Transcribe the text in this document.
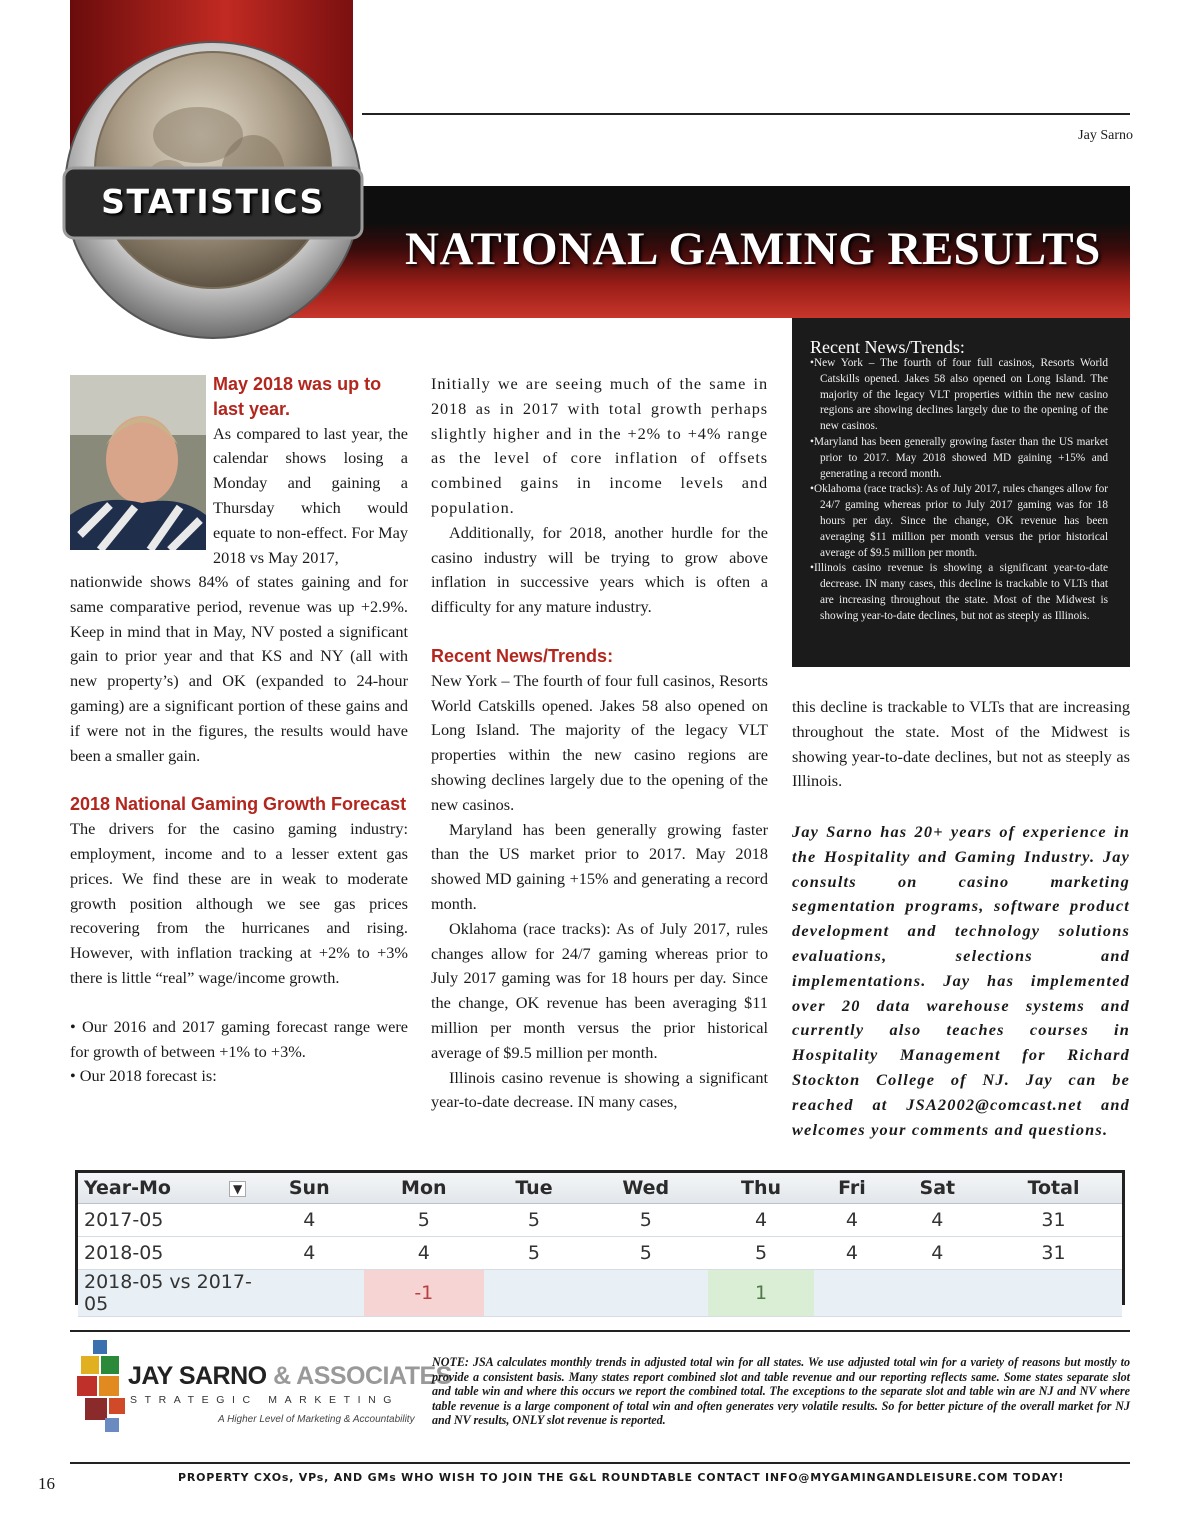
Jay Sarno
NATIONAL GAMING RESULTS
STATISTICS
May 2018 was up to last year.

As compared to last year, the calendar shows losing a Monday and gaining a Thursday which would equate to non-effect. For May 2018 vs May 2017,

nationwide shows 84% of states gaining and for same comparative period, revenue was up +2.9%. Keep in mind that in May, NV posted a significant gain to prior year and that KS and NY (all with new property’s) and OK (expanded to 24-hour gaming) are a significant portion of these gains and if were not in the figures, the results would have been a smaller gain.

2018 National Gaming Growth Forecast

The drivers for the casino gaming industry: employment, income and to a lesser extent gas prices. We find these are in weak to moderate growth position although we see gas prices recovering from the hurricanes and rising. However, with inflation tracking at +2% to +3% there is little “real” wage/income growth.

• Our 2016 and 2017 gaming forecast range were for growth of between +1% to +3%.

• Our 2018 forecast is:

Initially we are seeing much of the same in 2018 as in 2017 with total growth perhaps slightly higher and in the +2% to +4% range as the level of core inflation of offsets combined gains in income levels and population.

Additionally, for 2018, another hurdle for the casino industry will be trying to grow above inflation in successive years which is often a difficulty for any mature industry.

Recent News/Trends:

New York – The fourth of four full casinos, Resorts World Catskills opened. Jakes 58 also opened on Long Island. The majority of the legacy VLT properties within the new casino regions are showing declines largely due to the opening of the new casinos.

Maryland has been generally growing faster than the US market prior to 2017. May 2018 showed MD gaining +15% and generating a record month.

Oklahoma (race tracks): As of July 2017, rules changes allow for 24/7 gaming whereas prior to July 2017 gaming was for 18 hours per day. Since the change, OK revenue has been averaging $11 million per month versus the prior historical average of $9.5 million per month.

Illinois casino revenue is showing a significant year-to-date decrease. IN many cases,

Recent News/Trends:
• New York – The fourth of four full casinos, Resorts World Catskills opened. Jakes 58 also opened on Long Island. The majority of the legacy VLT properties within the new casino regions are showing declines largely due to the opening of the new casinos.
• Maryland has been generally growing faster than the US market prior to 2017. May 2018 showed MD gaining +15% and generating a record month.
• Oklahoma (race tracks): As of July 2017, rules changes allow for 24/7 gaming whereas prior to July 2017 gaming was for 18 hours per day. Since the change, OK revenue has been averaging $11 million per month versus the prior historical average of $9.5 million per month.
• Illinois casino revenue is showing a significant year-to-date decrease. IN many cases, this decline is trackable to VLTs that are increasing throughout the state. Most of the Midwest is showing year-to-date declines, but not as steeply as Illinois.

this decline is trackable to VLTs that are increasing throughout the state. Most of the Midwest is showing year-to-date declines, but not as steeply as Illinois.

Jay Sarno has 20+ years of experience in the Hospitality and Gaming Industry. Jay consults on casino marketing segmentation programs, software product development and technology solutions evaluations, selections and implementations. Jay has implemented over 20 data warehouse systems and currently also teaches courses in Hospitality Management for Richard Stockton College of NJ. Jay can be reached at JSA2002@comcast.net and welcomes your comments and questions.
Year-Mo ▼	Sun	Mon	Tue	Wed	Thu	Fri	Sat	Total
2017-05	4	5	5	5	4	4	4	31
2018-05	4	4	5	5	5	4	4	31
2018-05 vs 2017-05		-1			1			
JAY SARNO & ASSOCIATES
STRATEGIC MARKETING
A Higher Level of Marketing & Accountability
NOTE: JSA calculates monthly trends in adjusted total win for all states. We use adjusted total win for a variety of reasons but mostly to provide a consistent basis. Many states report combined slot and table revenue and our reporting reflects same. Some states separate slot and table win and where this occurs we report the combined total. The exceptions to the separate slot and table win are NJ and NV where table revenue is a large component of total win and often generates very volatile results. So for better picture of the overall market for NJ and NV results, ONLY slot revenue is reported.
16	PROPERTY CXOs, VPs, AND GMs WHO WISH TO JOIN THE G&L ROUNDTABLE CONTACT INFO@MYGAMINGANDLEISURE.COM TODAY!
